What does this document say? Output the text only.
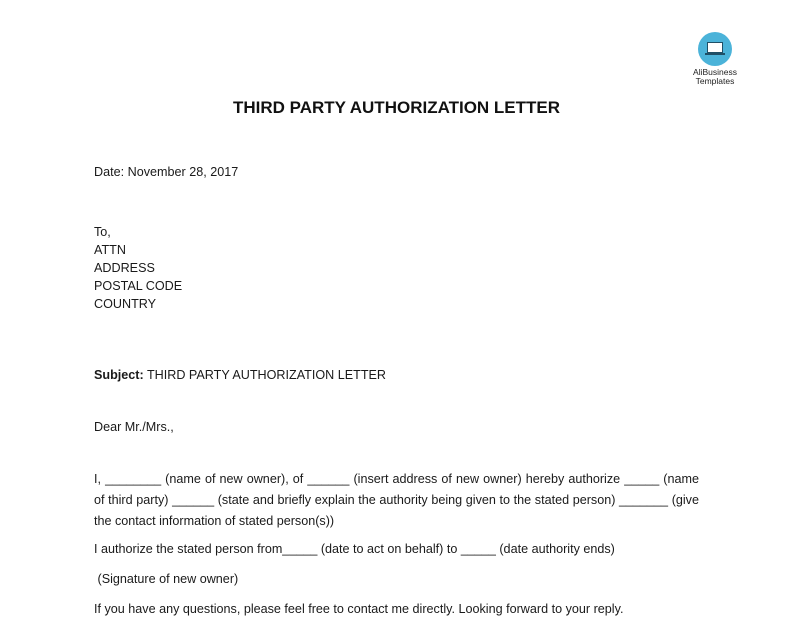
AliBusiness
Templates
THIRD PARTY AUTHORIZATION LETTER
Date: November 28, 2017
To,
ATTN
ADDRESS
POSTAL CODE
COUNTRY
Subject: THIRD PARTY AUTHORIZATION LETTER
Dear Mr./Mrs.,
I, ________ (name of new owner), of ______ (insert address of new owner) hereby authorize _____ (name of third party) ______ (state and briefly explain the authority being given to the stated person) _______ (give the contact information of stated person(s))
I authorize the stated person from_____ (date to act on behalf) to _____ (date authority ends)
(Signature of new owner)
If you have any questions, please feel free to contact me directly. Looking forward to your reply.
